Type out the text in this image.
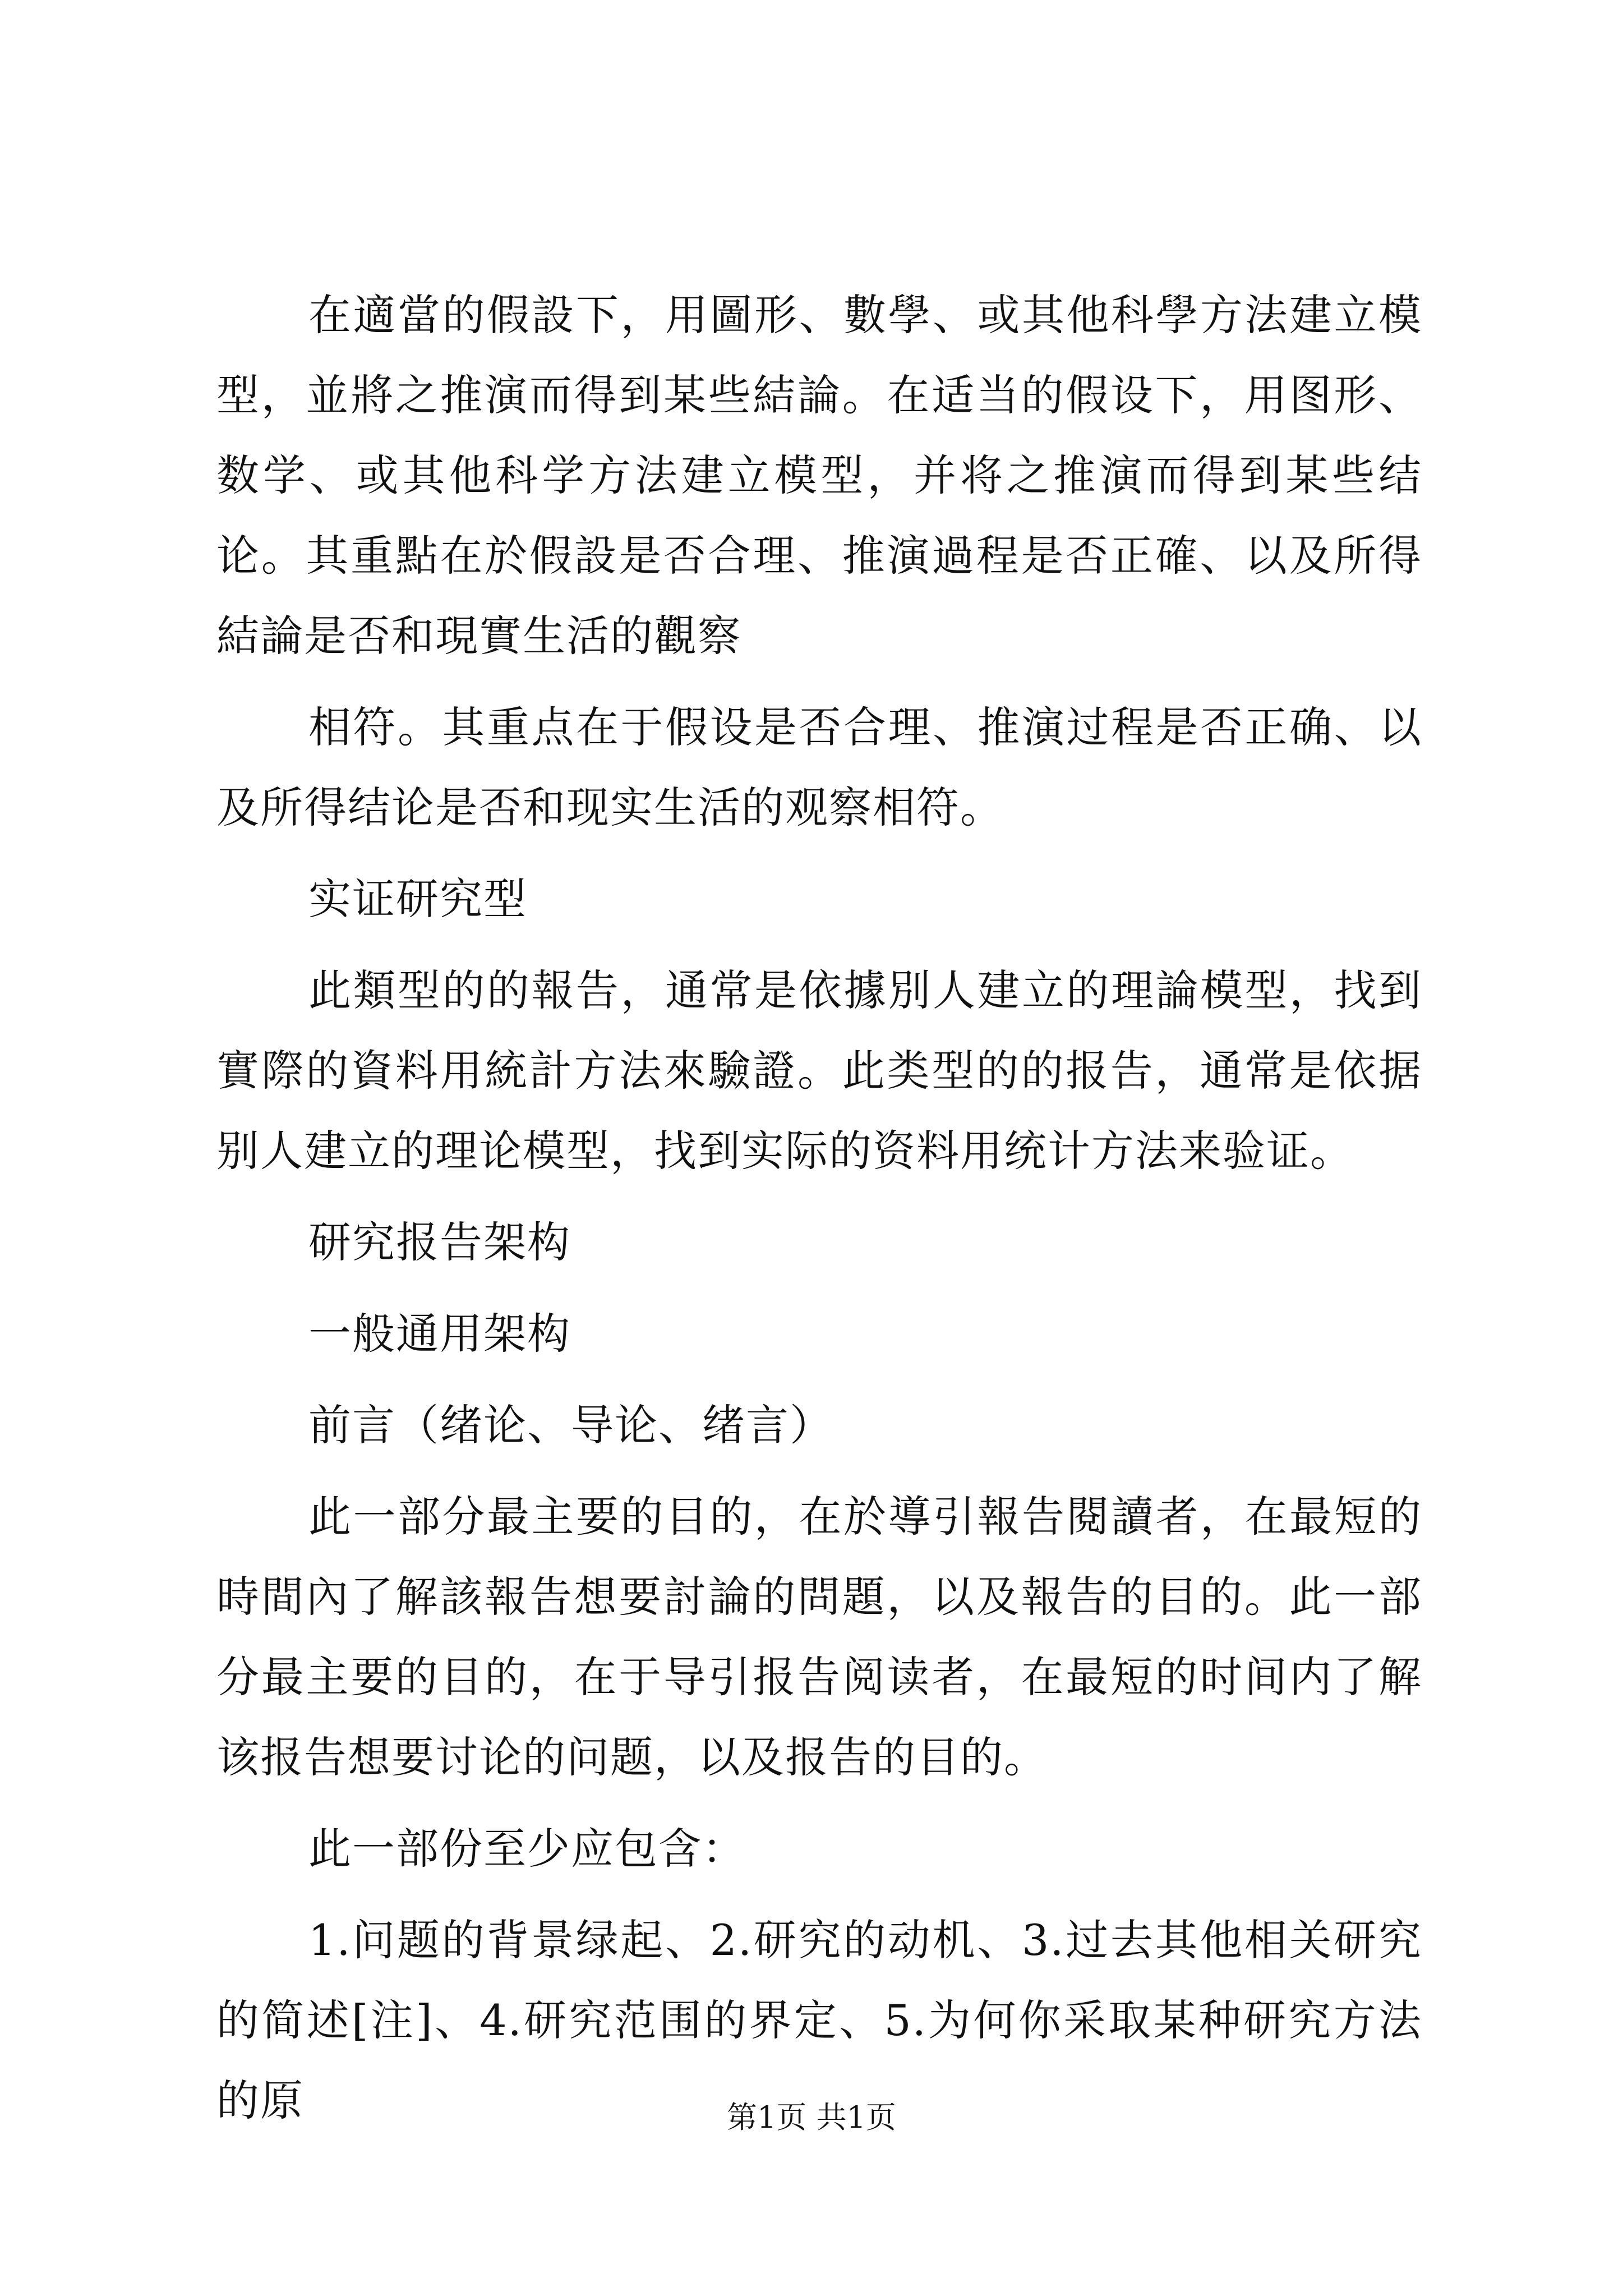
在適當的假設下，用圖形、數學、或其他科學方法建立模型，並將之推演而得到某些結論。在适当的假设下，用图形、数学、或其他科学方法建立模型，并将之推演而得到某些结论。其重點在於假設是否合理、推演過程是否正確、以及所得結論是否和現實生活的觀察

相符。其重点在于假设是否合理、推演过程是否正确、以及所得结论是否和现实生活的观察相符。

实证研究型

此類型的的報告，通常是依據別人建立的理論模型，找到實際的資料用統計方法來驗證。此类型的的报告，通常是依据别人建立的理论模型，找到实际的资料用统计方法来验证。

研究报告架构

一般通用架构

前言（绪论、导论、绪言）

此一部分最主要的目的，在於導引報告閱讀者，在最短的時間內了解該報告想要討論的問題，以及報告的目的。此一部分最主要的目的，在于导引报告阅读者，在最短的时间内了解该报告想要讨论的问题，以及报告的目的。

此一部份至少应包含：

1.问题的背景绿起、2.研究的动机、3.过去其他相关研究的简述[注]、4.研究范围的界定、5.为何你采取某种研究方法的原	第1页 共1页
